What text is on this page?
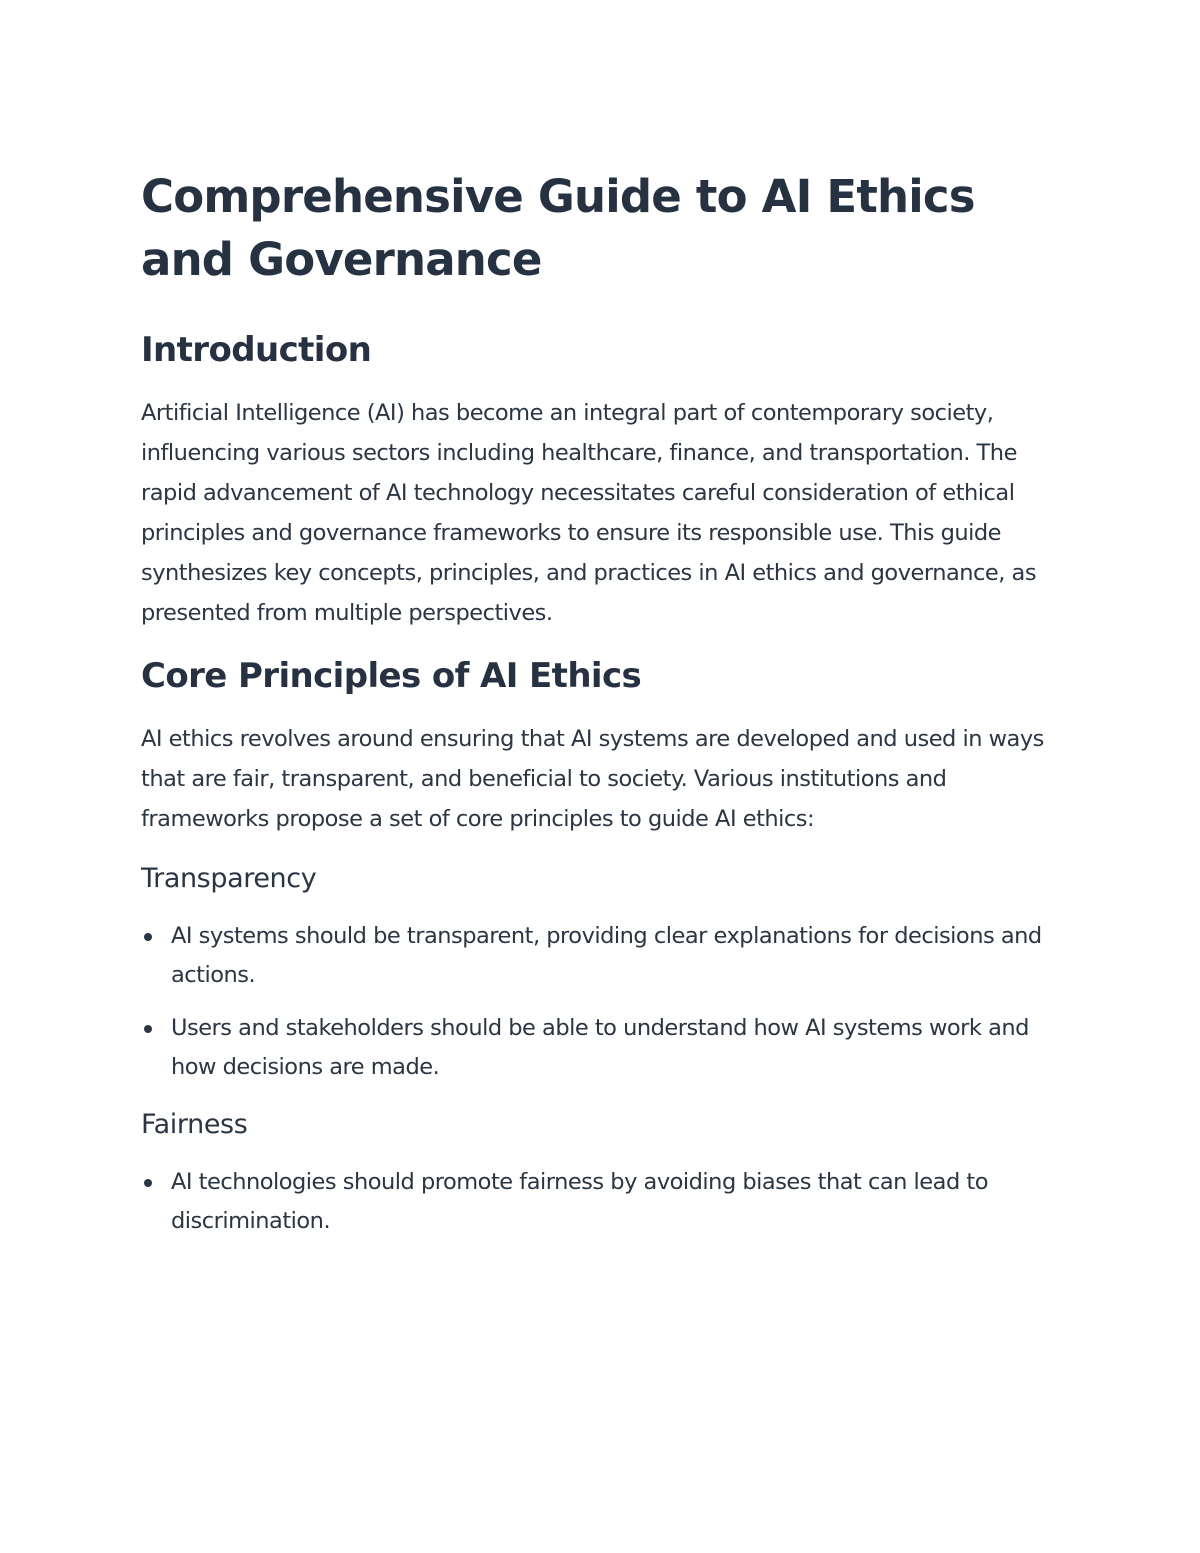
Comprehensive Guide to AI Ethics and Governance
Introduction

Artificial Intelligence (AI) has become an integral part of contemporary society, influencing various sectors including healthcare, finance, and transportation. The rapid advancement of AI technology necessitates careful consideration of ethical principles and governance frameworks to ensure its responsible use. This guide synthesizes key concepts, principles, and practices in AI ethics and governance, as presented from multiple perspectives.

Core Principles of AI Ethics

AI ethics revolves around ensuring that AI systems are developed and used in ways that are fair, transparent, and beneficial to society. Various institutions and frameworks propose a set of core principles to guide AI ethics:

Transparency
AI systems should be transparent, providing clear explanations for decisions and actions.
Users and stakeholders should be able to understand how AI systems work and how decisions are made.
Fairness
AI technologies should promote fairness by avoiding biases that can lead to discrimination.
